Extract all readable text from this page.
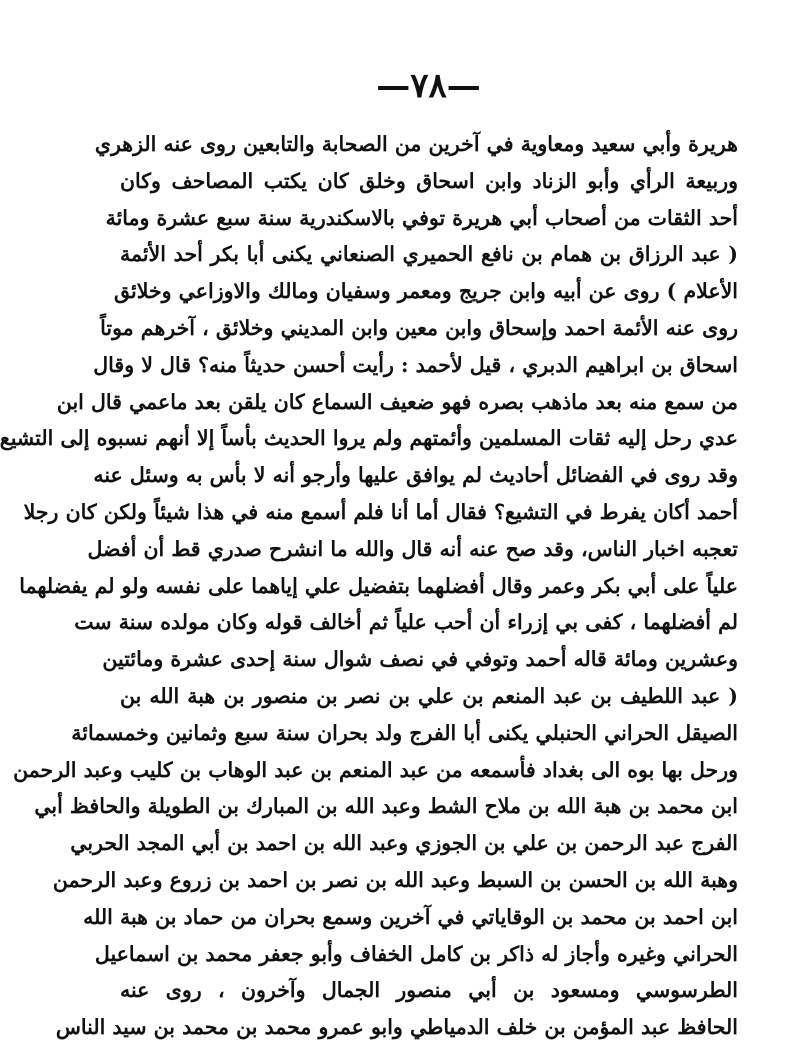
—٧٨—
هريرة وأبي سعيد ومعاوية في آخرين من الصحابة والتابعين روى عنه الزهري
وربيعة الرأي وأبو الزناد وابن اسحاق وخلق كان يكتب المصاحف وكان
أحد الثقات من أصحاب أبي هريرة توفي بالاسكندرية سنة سبع عشرة ومائة
( عبد الرزاق بن همام بن نافع الحميري الصنعاني يكنى أبا بكر أحد الأئمة
الأعلام ) روى عن أبيه وابن جريج ومعمر وسفيان ومالك والاوزاعي وخلائق
روى عنه الأئمة احمد وإسحاق وابن معين وابن المديني وخلائق ، آخرهم موتاً
اسحاق بن ابراهيم الدبري ، قيل لأحمد : رأيت أحسن حديثاً منه؟ قال لا وقال
من سمع منه بعد ماذهب بصره فهو ضعيف السماع كان يلقن بعد ماعمي قال ابن
عدي رحل إليه ثقات المسلمين وأئمتهم ولم يروا الحديث بأساً إلا أنهم نسبوه إلى التشيع
وقد روى في الفضائل أحاديث لم يوافق عليها وأرجو أنه لا بأس به وسئل عنه
أحمد أكان يفرط في التشيع؟ فقال أما أنا فلم أسمع منه في هذا شيئاً ولكن كان رجلا
تعجبه اخبار الناس، وقد صح عنه أنه قال والله ما انشرح صدري قط أن أفضل
علياً على أبي بكر وعمر وقال أفضلهما بتفضيل علي إياهما على نفسه ولو لم يفضلهما
لم أفضلهما ، كفى بي إزراء أن أحب علياً ثم أخالف قوله وكان مولده سنة ست
وعشرين ومائة قاله أحمد وتوفي في نصف شوال سنة إحدى عشرة ومائتين
( عبد اللطيف بن عبد المنعم بن علي بن نصر بن منصور بن هبة الله بن
الصيقل الحراني الحنبلي يكنى أبا الفرج ولد بحران سنة سبع وثمانين وخمسمائة
ورحل بها بوه الى بغداد فأسمعه من عبد المنعم بن عبد الوهاب بن كليب وعبد الرحمن
ابن محمد بن هبة الله بن ملاح الشط وعبد الله بن المبارك بن الطويلة والحافظ أبي
الفرج عبد الرحمن بن علي بن الجوزي وعبد الله بن احمد بن أبي المجد الحربي
وهبة الله بن الحسن بن السبط وعبد الله بن نصر بن احمد بن زروع وعبد الرحمن
ابن احمد بن محمد بن الوقاياتي في آخرين وسمع بحران من حماد بن هبة الله
الحراني وغيره وأجاز له ذاكر بن كامل الخفاف وأبو جعفر محمد بن اسماعيل
الطرسوسي ومسعود بن أبي منصور الجمال وآخرون ، روى عنه
الحافظ عبد المؤمن بن خلف الدمياطي وابو عمرو محمد بن محمد بن سيد الناس
